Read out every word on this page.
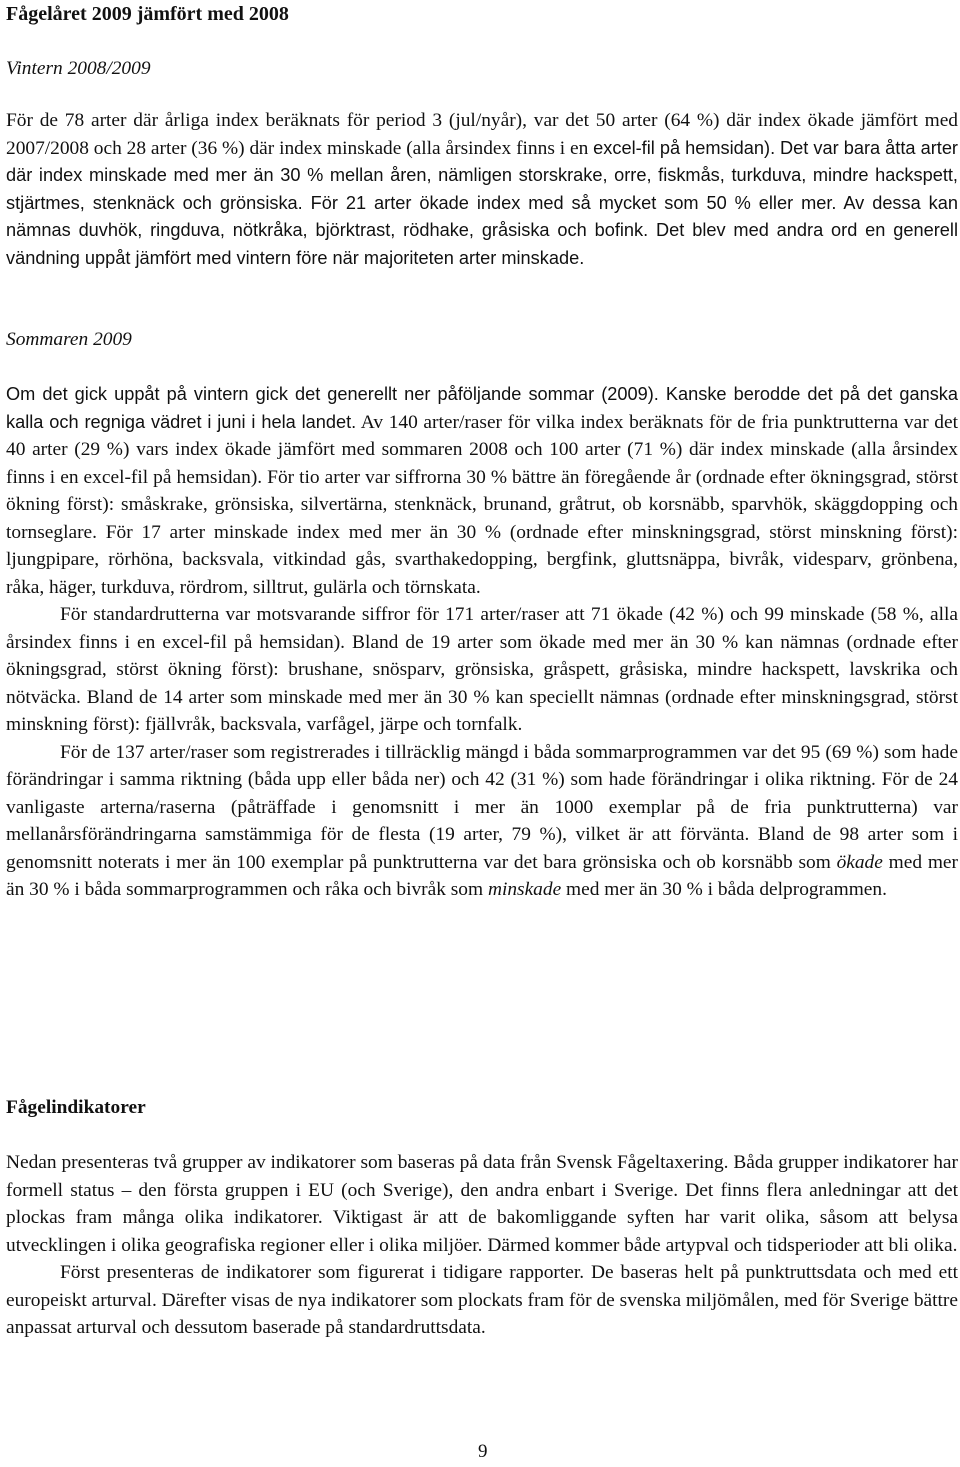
Fågelåret 2009 jämfört med 2008

Vintern 2008/2009

För de 78 arter där årliga index beräknats för period 3 (jul/nyår), var det 50 arter (64 %) där index ökade jämfört med 2007/2008 och 28 arter (36 %) där index minskade (alla årsindex finns i en excel-fil på hemsidan). Det var bara åtta arter där index minskade med mer än 30 % mellan åren, nämligen storskrake, orre, fiskmås, turkduva, mindre hackspett, stjärtmes, stenknäck och grönsiska. För 21 arter ökade index med så mycket som 50 % eller mer. Av dessa kan nämnas duvhök, ringduva, nötkråka, björktrast, rödhake, gråsiska och bofink. Det blev med andra ord en generell vändning uppåt jämfört med vintern före när majoriteten arter minskade.

Sommaren 2009

Om det gick uppåt på vintern gick det generellt ner påföljande sommar (2009). Kanske berodde det på det ganska kalla och regniga vädret i juni i hela landet. Av 140 arter/raser för vilka index beräknats för de fria punktrutterna var det 40 arter (29 %) vars index ökade jämfört med sommaren 2008 och 100 arter (71 %) där index minskade (alla årsindex finns i en excel-fil på hemsidan). För tio arter var siffrorna 30 % bättre än föregående år (ordnade efter ökningsgrad, störst ökning först): småskrake, grönsiska, silvertärna, stenknäck, brunand, gråtrut, ob korsnäbb, sparvhök, skäggdopping och tornseglare. För 17 arter minskade index med mer än 30 % (ordnade efter minskningsgrad, störst minskning först): ljungpipare, rörhöna, backsvala, vitkindad gås, svarthakedopping, bergfink, gluttsnäppa, bivråk, videsparv, grönbena, råka, häger, turkduva, rördrom, silltrut, gulärla och törnskata.

För standardrutterna var motsvarande siffror för 171 arter/raser att 71 ökade (42 %) och 99 minskade (58 %, alla årsindex finns i en excel-fil på hemsidan). Bland de 19 arter som ökade med mer än 30 % kan nämnas (ordnade efter ökningsgrad, störst ökning först): brushane, snösparv, grönsiska, gråspett, gråsiska, mindre hackspett, lavskrika och nötväcka. Bland de 14 arter som minskade med mer än 30 % kan speciellt nämnas (ordnade efter minskningsgrad, störst minskning först): fjällvråk, backsvala, varfågel, järpe och tornfalk.

För de 137 arter/raser som registrerades i tillräcklig mängd i båda sommarprogrammen var det 95 (69 %) som hade förändringar i samma riktning (båda upp eller båda ner) och 42 (31 %) som hade förändringar i olika riktning. För de 24 vanligaste arterna/raserna (påträffade i genomsnitt i mer än 1000 exemplar på de fria punktrutterna) var mellanårsförändringarna samstämmiga för de flesta (19 arter, 79 %), vilket är att förvänta. Bland de 98 arter som i genomsnitt noterats i mer än 100 exemplar på punktrutterna var det bara grönsiska och ob korsnäbb som ökade med mer än 30 % i båda sommarprogrammen och råka och bivråk som minskade med mer än 30 % i båda delprogrammen.

Fågelindikatorer

Nedan presenteras två grupper av indikatorer som baseras på data från Svensk Fågeltaxering. Båda grupper indikatorer har formell status – den första gruppen i EU (och Sverige), den andra enbart i Sverige. Det finns flera anledningar att det plockas fram många olika indikatorer. Viktigast är att de bakomliggande syften har varit olika, såsom att belysa utvecklingen i olika geografiska regioner eller i olika miljöer. Därmed kommer både artурval och tidsperioder att bli olika.

Först presenteras de indikatorer som figurerat i tidigare rapporter. De baseras helt på punktruttsdata och med ett europeiskt arturval. Därefter visas de nya indikatorer som plockats fram för de svenska miljömålen, med för Sverige bättre anpassat arturval och dessutom baserade på standardruttsdata.

9
